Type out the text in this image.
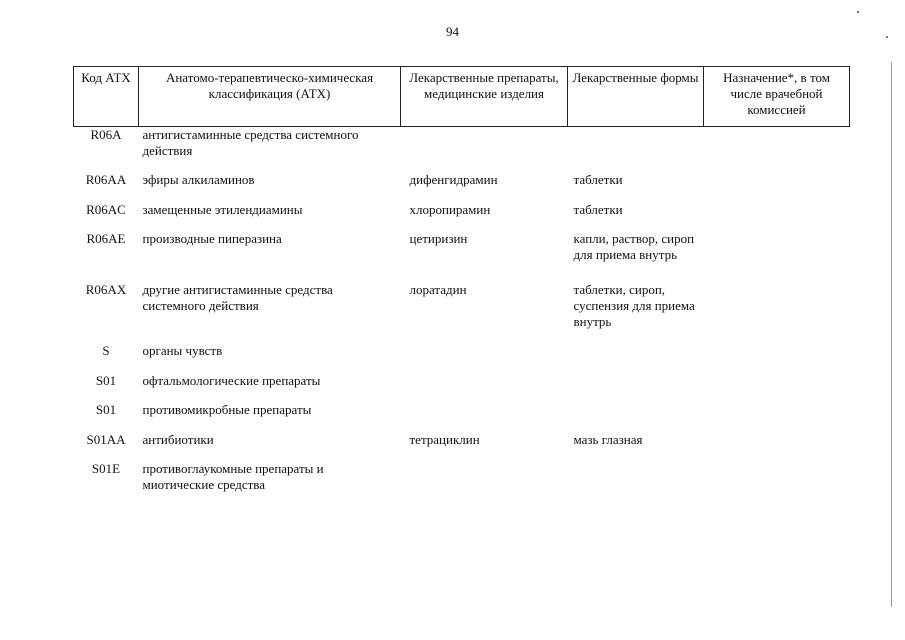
94
Код АТХ	Анатомо-терапевтическо-химическая классификация (АТХ)	Лекарственные препараты, медицинские изделия	Лекарственные формы	Назначение*, в том числе врачебной комиссией
R06A	антигистаминные средства системного действия			
R06AA	эфиры алкиламинов	дифенгидрамин	таблетки	
R06AC	замещенные этилендиамины	хлоропирамин	таблетки	
R06AE	производные пиперазина	цетиризин	капли, раствор, сироп для приема внутрь	
R06AX	другие антигистаминные средства системного действия	лоратадин	таблетки, сироп, суспензия для приема внутрь	
S	органы чувств			
S01	офтальмологические препараты			
S01	противомикробные препараты			
S01AA	антибиотики	тетрациклин	мазь глазная	
S01E	противоглаукомные препараты и миотические средства			
